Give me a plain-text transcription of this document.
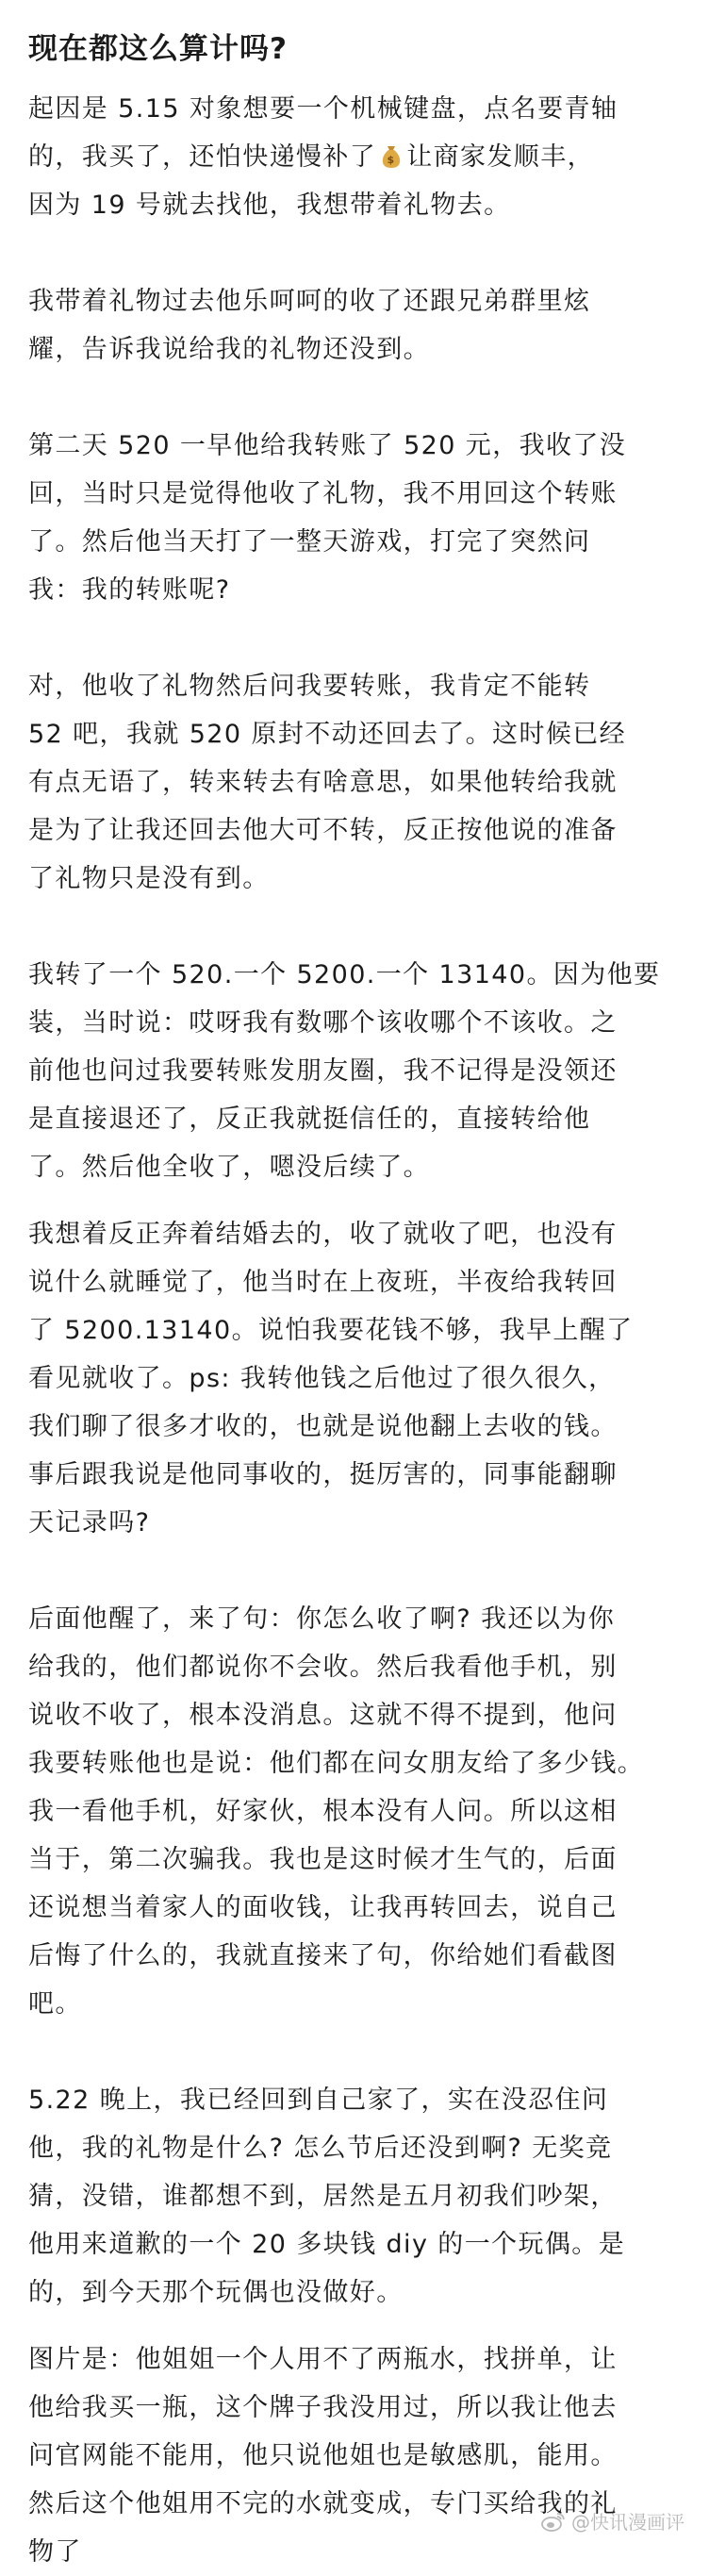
现在都这么算计吗?

起因是 5.15 对象想要一个机械键盘，点名要青轴
的，我买了，还怕快递慢补了 $ 让商家发顺丰，
因为 19 号就去找他，我想带着礼物去。

我带着礼物过去他乐呵呵的收了还跟兄弟群里炫
耀，告诉我说给我的礼物还没到。

第二天 520 一早他给我转账了 520 元，我收了没
回，当时只是觉得他收了礼物，我不用回这个转账
了。然后他当天打了一整天游戏，打完了突然问
我：我的转账呢?

对，他收了礼物然后问我要转账，我肯定不能转
52 吧，我就 520 原封不动还回去了。这时候已经
有点无语了，转来转去有啥意思，如果他转给我就
是为了让我还回去他大可不转，反正按他说的准备
了礼物只是没有到。

我转了一个 520.一个 5200.一个 13140。因为他要
装，当时说：哎呀我有数哪个该收哪个不该收。之
前他也问过我要转账发朋友圈，我不记得是没领还
是直接退还了，反正我就挺信任的，直接转给他
了。然后他全收了，嗯没后续了。

我想着反正奔着结婚去的，收了就收了吧，也没有
说什么就睡觉了，他当时在上夜班，半夜给我转回
了 5200.13140。说怕我要花钱不够，我早上醒了
看见就收了。ps: 我转他钱之后他过了很久很久，
我们聊了很多才收的，也就是说他翻上去收的钱。
事后跟我说是他同事收的，挺厉害的，同事能翻聊
天记录吗?

后面他醒了，来了句：你怎么收了啊? 我还以为你
给我的，他们都说你不会收。然后我看他手机，别
说收不收了，根本没消息。这就不得不提到，他问
我要转账他也是说：他们都在问女朋友给了多少钱。
我一看他手机，好家伙，根本没有人问。所以这相
当于，第二次骗我。我也是这时候才生气的，后面
还说想当着家人的面收钱，让我再转回去，说自己
后悔了什么的，我就直接来了句，你给她们看截图
吧。

5.22 晚上，我已经回到自己家了，实在没忍住问
他，我的礼物是什么? 怎么节后还没到啊? 无奖竞
猜，没错，谁都想不到，居然是五月初我们吵架，
他用来道歉的一个 20 多块钱 diy 的一个玩偶。是
的，到今天那个玩偶也没做好。

图片是：他姐姐一个人用不了两瓶水，找拼单，让
他给我买一瓶，这个牌子我没用过，所以我让他去
问官网能不能用，他只说他姐也是敏感肌，能用。
然后这个他姐用不完的水就变成，专门买给我的礼
物了

@快讯漫画评
